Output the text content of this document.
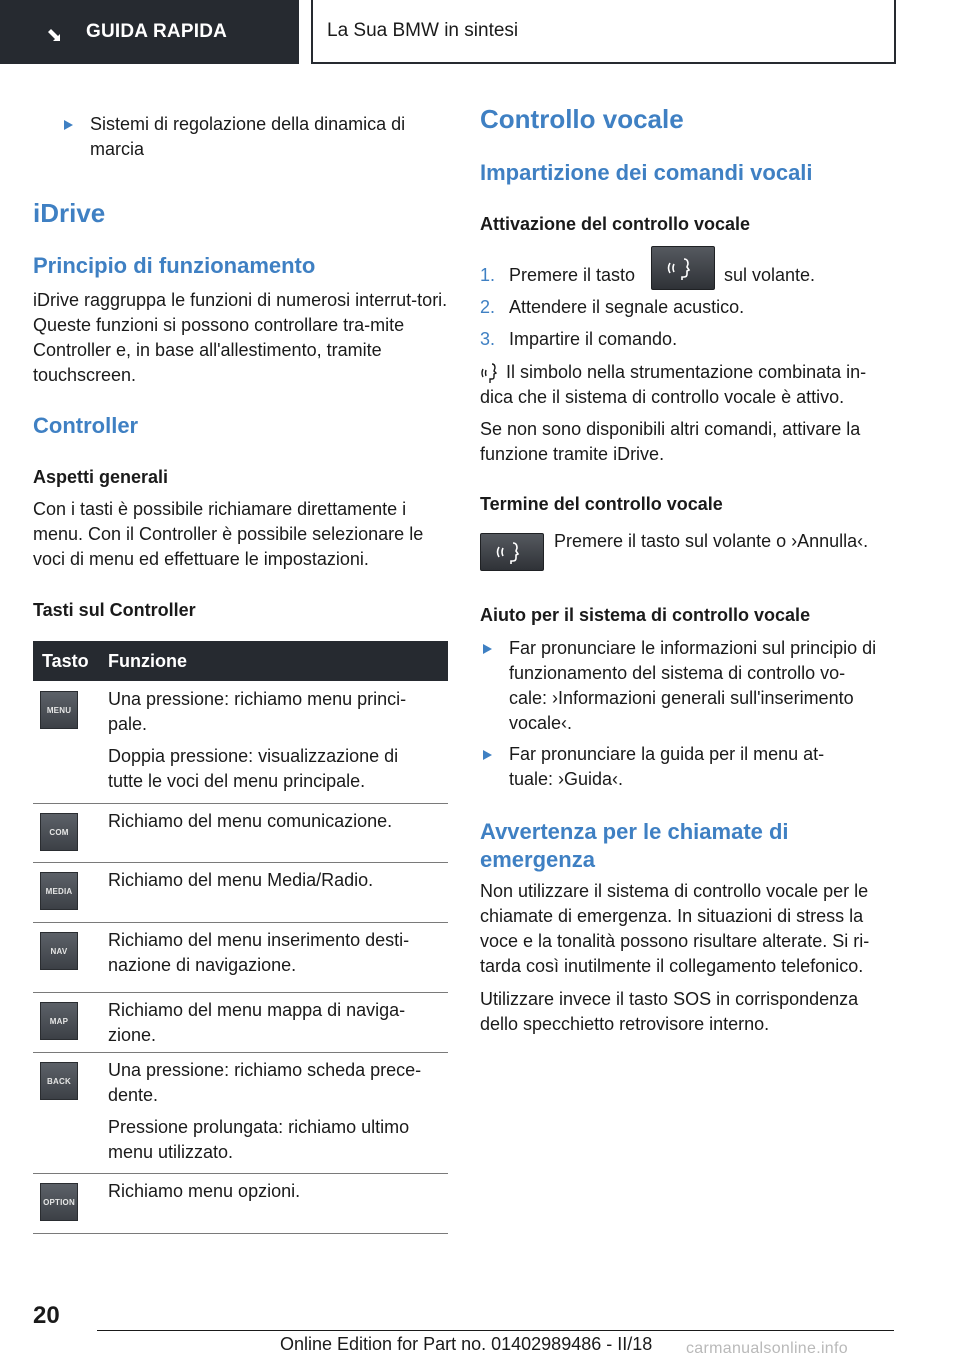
GUIDA RAPIDA	La Sua BMW in sintesi
Sistemi di regolazione della dinamica di marcia
iDrive
Principio di funzionamento
iDrive raggruppa le funzioni di numerosi interrut-tori. Queste funzioni si possono controllare tra-mite Controller e, in base all'allestimento, tramite touchscreen.
Controller
Aspetti generali
Con i tasti è possibile richiamare direttamente i menu. Con il Controller è possibile selezionare le voci di menu ed effettuare le impostazioni.
Tasti sul Controller
Tasto Funzione
MENU
Una pressione: richiamo menu princi-
pale.
Doppia pressione: visualizzazione di
tutte le voci del menu principale.
COM
Richiamo del menu comunicazione.
MEDIA
Richiamo del menu Media/Radio.
NAV
Richiamo del menu inserimento desti-
nazione di navigazione.
MAP
Richiamo del menu mappa di naviga-
zione.
BACK
Una pressione: richiamo scheda prece-
dente.
Pressione prolungata: richiamo ultimo
menu utilizzato.
OPTION
Richiamo menu opzioni.
Controllo vocale
Impartizione dei comandi vocali
Attivazione del controllo vocale
1. Premere il tasto	sul volante.
2. Attendere il segnale acustico.
3. Impartire il comando.
Il simbolo nella strumentazione combinata in-
dica che il sistema di controllo vocale è attivo.
Se non sono disponibili altri comandi, attivare la funzione tramite iDrive.
Termine del controllo vocale
Premere il tasto sul volante o ›Annulla‹.
Aiuto per il sistema di controllo vocale
Far pronunciare le informazioni sul principio di
funzionamento del sistema di controllo vo-
cale: ›Informazioni generali sull'inserimento
vocale‹.
Far pronunciare la guida per il menu at-
tuale: ›Guida‹.
Avvertenza per le chiamate di
emergenza
Non utilizzare il sistema di controllo vocale per le chiamate di emergenza. In situazioni di stress la voce e la tonalità possono risultare alterate. Si ri-tarda così inutilmente il collegamento telefonico.
Utilizzare invece il tasto SOS in corrispondenza dello specchietto retrovisore interno.
20
Online Edition for Part no. 01402989486 - II/18 carmanualsonline.info
